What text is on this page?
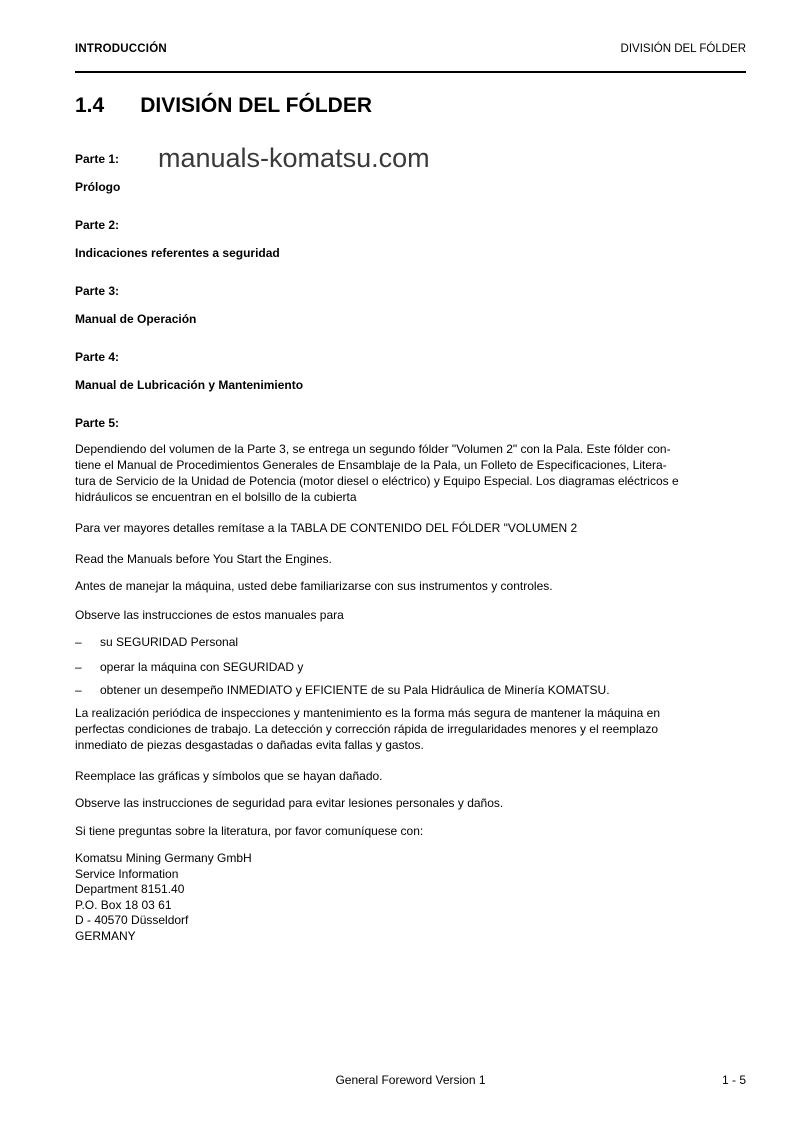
manuals-komatsu.com
INTRODUCCIÓN	DIVISIÓN DEL FÓLDER
1.4 DIVISIÓN DEL FÓLDER
Parte 1:
Prólogo
Parte 2:
Indicaciones referentes a seguridad
Parte 3:
Manual de Operación
Parte 4:
Manual de Lubricación y Mantenimiento
Parte 5:
Dependiendo del volumen de la Parte 3, se entrega un segundo fólder "Volumen 2" con la Pala. Este fólder con-
tiene el Manual de Procedimientos Generales de Ensamblaje de la Pala, un Folleto de Especificaciones, Litera-
tura de Servicio de la Unidad de Potencia (motor diesel o eléctrico) y Equipo Especial. Los diagramas eléctricos e
hidráulicos se encuentran en el bolsillo de la cubierta
Para ver mayores detalles remítase a la TABLA DE CONTENIDO DEL FÓLDER "VOLUMEN 2
Read the Manuals before You Start the Engines.
Antes de manejar la máquina, usted debe familiarizarse con sus instrumentos y controles.
Observe las instrucciones de estos manuales para
–	su SEGURIDAD Personal
–	operar la máquina con SEGURIDAD y
–	obtener un desempeño INMEDIATO y EFICIENTE de su Pala Hidráulica de Minería KOMATSU.
La realización periódica de inspecciones y mantenimiento es la forma más segura de mantener la máquina en
perfectas condiciones de trabajo. La detección y corrección rápida de irregularidades menores y el reemplazo
inmediato de piezas desgastadas o dañadas evita fallas y gastos.
Reemplace las gráficas y símbolos que se hayan dañado.
Observe las instrucciones de seguridad para evitar lesiones personales y daños.
Si tiene preguntas sobre la literatura, por favor comuníquese con:
Komatsu Mining Germany GmbH
Service Information
Department 8151.40
P.O. Box 18 03 61
D - 40570 Düsseldorf
GERMANY
General Foreword Version 1	1 - 5
